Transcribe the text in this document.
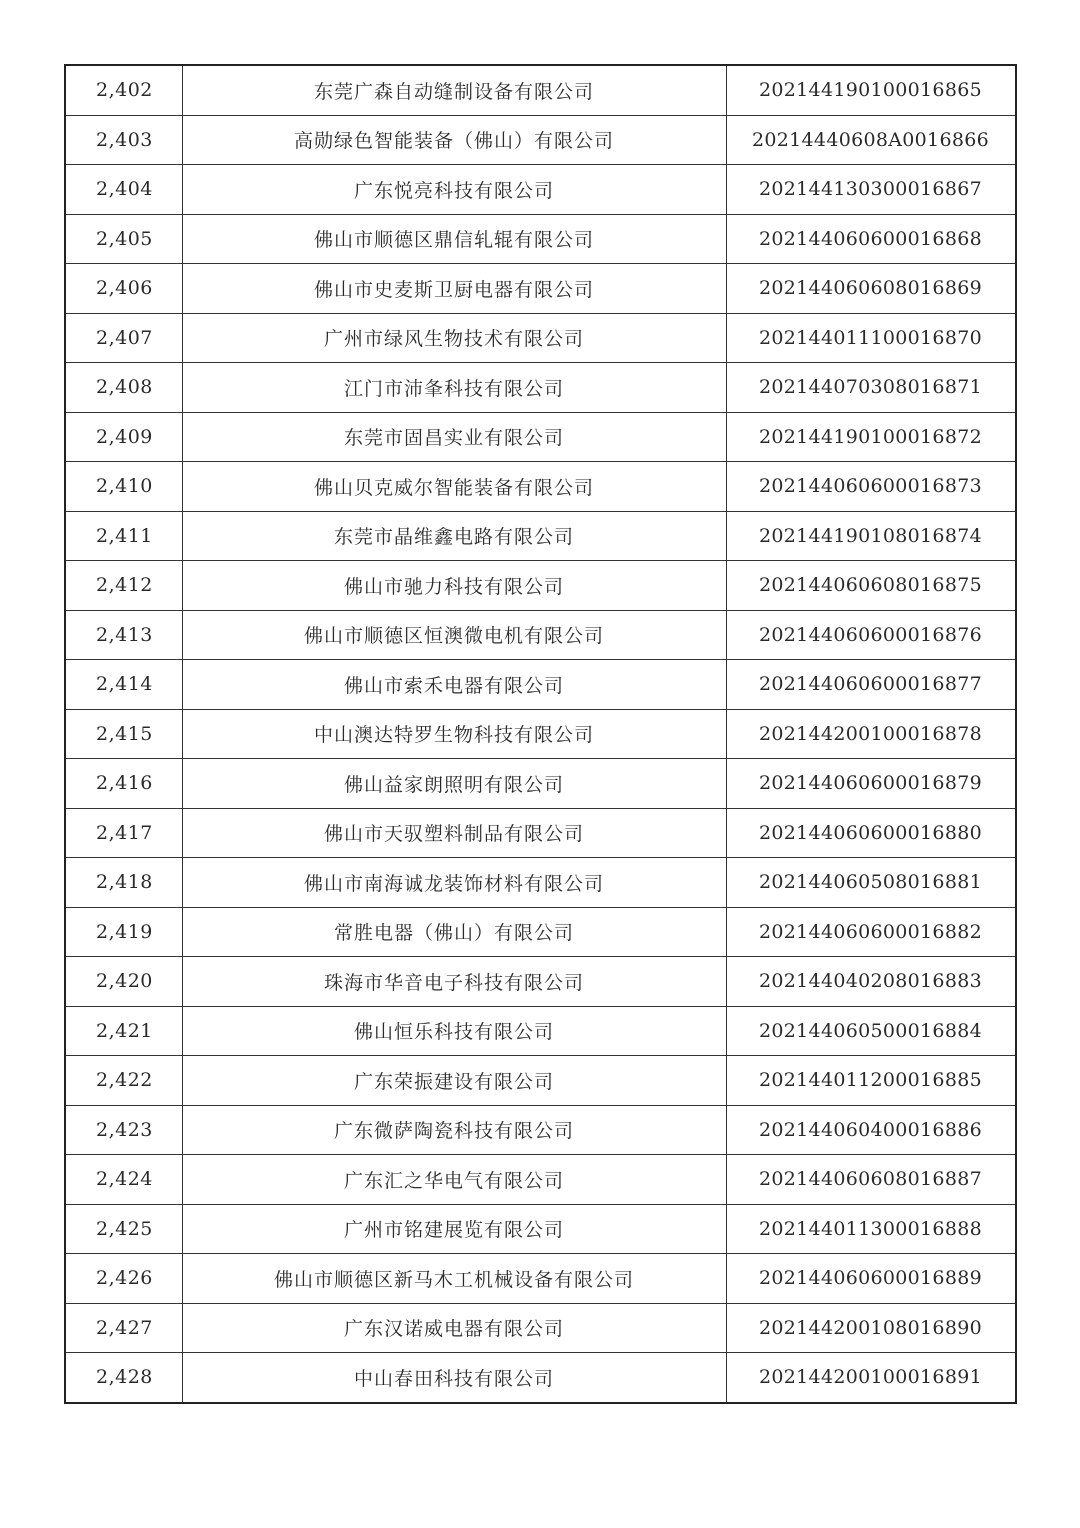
2,402	东莞广森自动缝制设备有限公司	202144190100016865
2,403	高勋绿色智能装备（佛山）有限公司	20214440608A0016866
2,404	广东悦亮科技有限公司	202144130300016867
2,405	佛山市顺德区鼎信轧辊有限公司	202144060600016868
2,406	佛山市史麦斯卫厨电器有限公司	202144060608016869
2,407	广州市绿风生物技术有限公司	202144011100016870
2,408	江门市沛夆科技有限公司	202144070308016871
2,409	东莞市固昌实业有限公司	202144190100016872
2,410	佛山贝克威尔智能装备有限公司	202144060600016873
2,411	东莞市晶维鑫电路有限公司	202144190108016874
2,412	佛山市驰力科技有限公司	202144060608016875
2,413	佛山市顺德区恒澳微电机有限公司	202144060600016876
2,414	佛山市索禾电器有限公司	202144060600016877
2,415	中山澳达特罗生物科技有限公司	202144200100016878
2,416	佛山益家朗照明有限公司	202144060600016879
2,417	佛山市天驭塑料制品有限公司	202144060600016880
2,418	佛山市南海诚龙装饰材料有限公司	202144060508016881
2,419	常胜电器（佛山）有限公司	202144060600016882
2,420	珠海市华音电子科技有限公司	202144040208016883
2,421	佛山恒乐科技有限公司	202144060500016884
2,422	广东荣振建设有限公司	202144011200016885
2,423	广东微萨陶瓷科技有限公司	202144060400016886
2,424	广东汇之华电气有限公司	202144060608016887
2,425	广州市铭建展览有限公司	202144011300016888
2,426	佛山市顺德区新马木工机械设备有限公司	202144060600016889
2,427	广东汉诺威电器有限公司	202144200108016890
2,428	中山春田科技有限公司	202144200100016891
